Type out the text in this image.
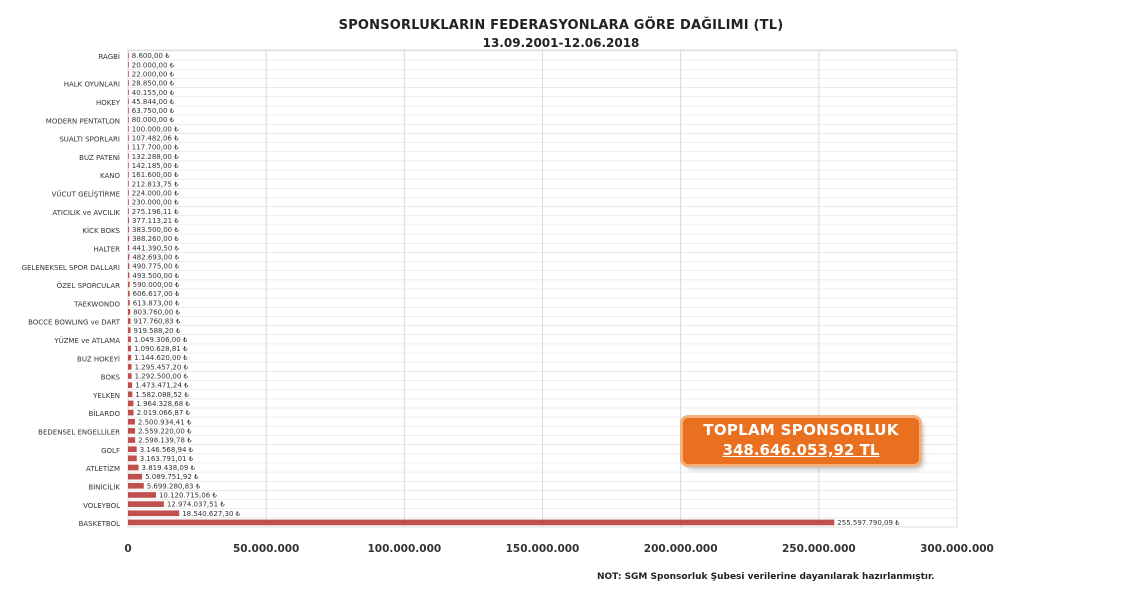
SPONSORLUKLARIN FEDERASYONLARA GÖRE DAĞILIMI (TL)
13.09.2001-12.06.2018
0	50.000.000	100.000.000	150.000.000	200.000.000	250.000.000	300.000.000
8.600,00 ₺
RAGBİ
20.000,00 ₺
22.000,00 ₺
28.850,00 ₺
HALK OYUNLARI
40.155,00 ₺
45.844,00 ₺
HOKEY
63.750,00 ₺
80.000,00 ₺
MODERN PENTATLON
100.000,00 ₺
107.482,06 ₺
SUALTI SPORLARI
117.700,00 ₺
132.288,00 ₺
BUZ PATENİ
142.185,00 ₺
161.600,00 ₺
KANO
212.813,75 ₺
224.000,00 ₺
VÜCUT GELİŞTİRME
230.000,00 ₺
275.196,11 ₺
ATICILIK ve AVCILIK
377.113,21 ₺
383.500,00 ₺
KİCK BOKS
388.260,00 ₺
441.390,50 ₺
HALTER
482.693,00 ₺
490.775,00 ₺
GELENEKSEL SPOR DALLARI
493.500,00 ₺
590.000,00 ₺
ÖZEL SPORCULAR
606.617,00 ₺
613.873,00 ₺
TAEKWONDO
803.760,00 ₺
917.760,83 ₺
BOCCE BOWLING ve DART
919.588,20 ₺
1.049.306,00 ₺
YÜZME ve ATLAMA
1.090.628,81 ₺
1.144.620,00 ₺
BUZ HOKEYİ
1.295.457,20 ₺
1.292.500,00 ₺
BOKS
1.473.471,24 ₺
1.582.088,52 ₺
YELKEN
1.964.328,68 ₺
2.019.066,87 ₺
BİLARDO
2.500.934,41 ₺
2.559.220,00 ₺
BEDENSEL ENGELLİLER
2.598.139,78 ₺
3.146.568,94 ₺
GOLF
3.163.791,01 ₺
3.819.438,09 ₺
ATLETİZM
5.089.751,92 ₺
5.699.280,83 ₺
BİNİCİLİK
10.120.715,06 ₺
12.974.037,51 ₺
VOLEYBOL
18.540.627,30 ₺
255.597.790,09 ₺
BASKETBOL
TOPLAM SPONSORLUK
348.646.053,92 TL
NOT: SGM Sponsorluk Şubesi verilerine dayanılarak hazırlanmıştır.
